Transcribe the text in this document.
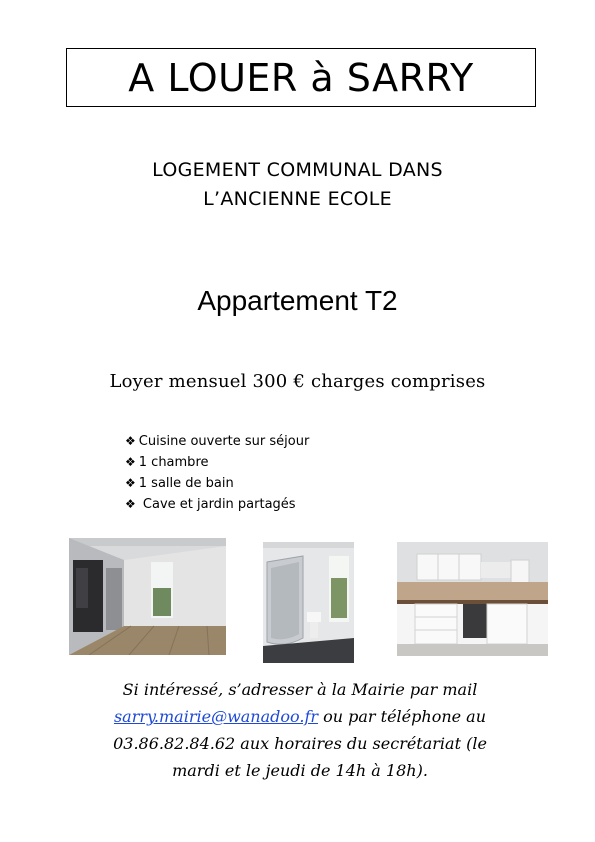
A LOUER à SARRY
LOGEMENT COMMUNAL DANS
L’ANCIENNE ECOLE
Appartement T2
Loyer mensuel 300 € charges comprises
❖ Cuisine ouverte sur séjour
❖ 1 chambre
❖ 1 salle de bain
❖ Cave et jardin partagés
Si intéressé, s’adresser à la Mairie par mail
sarry.mairie@wanadoo.fr ou par téléphone au
03.86.82.84.62 aux horaires du secrétariat (le
mardi et le jeudi de 14h à 18h).
